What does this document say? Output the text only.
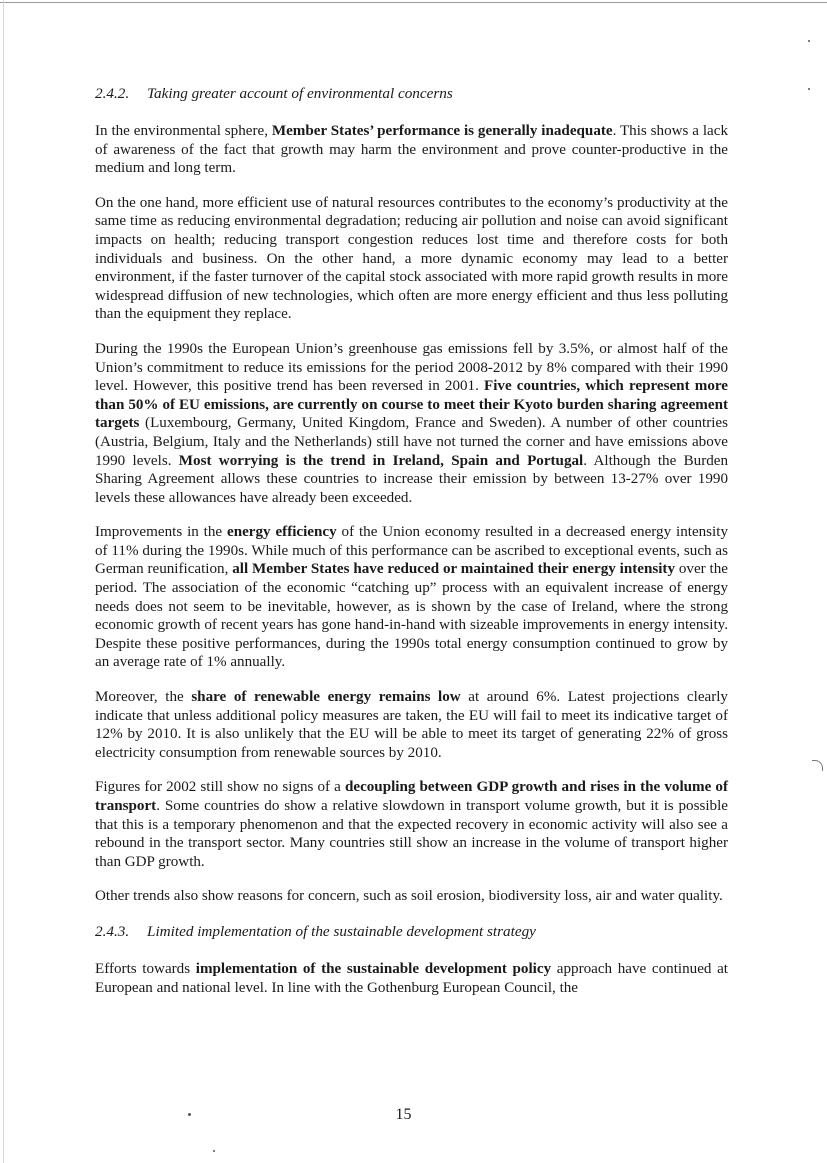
2.4.2. Taking greater account of environmental concerns

In the environmental sphere, Member States’ performance is generally inadequate. This shows a lack of awareness of the fact that growth may harm the environment and prove counter-productive in the medium and long term.

On the one hand, more efficient use of natural resources contributes to the economy’s productivity at the same time as reducing environmental degradation; reducing air pollution and noise can avoid significant impacts on health; reducing transport congestion reduces lost time and therefore costs for both individuals and business. On the other hand, a more dynamic economy may lead to a better environment, if the faster turnover of the capital stock associated with more rapid growth results in more widespread diffusion of new technologies, which often are more energy efficient and thus less polluting than the equipment they replace.

During the 1990s the European Union’s greenhouse gas emissions fell by 3.5%, or almost half of the Union’s commitment to reduce its emissions for the period 2008-2012 by 8% compared with their 1990 level. However, this positive trend has been reversed in 2001. Five countries, which represent more than 50% of EU emissions, are currently on course to meet their Kyoto burden sharing agreement targets (Luxembourg, Germany, United Kingdom, France and Sweden). A number of other countries (Austria, Belgium, Italy and the Netherlands) still have not turned the corner and have emissions above 1990 levels. Most worrying is the trend in Ireland, Spain and Portugal. Although the Burden Sharing Agreement allows these countries to increase their emission by between 13-27% over 1990 levels these allowances have already been exceeded.

Improvements in the energy efficiency of the Union economy resulted in a decreased energy intensity of 11% during the 1990s. While much of this performance can be ascribed to exceptional events, such as German reunification, all Member States have reduced or maintained their energy intensity over the period. The association of the economic “catching up” process with an equivalent increase of energy needs does not seem to be inevitable, however, as is shown by the case of Ireland, where the strong economic growth of recent years has gone hand-in-hand with sizeable improvements in energy intensity. Despite these positive performances, during the 1990s total energy consumption continued to grow by an average rate of 1% annually.

Moreover, the share of renewable energy remains low at around 6%. Latest projections clearly indicate that unless additional policy measures are taken, the EU will fail to meet its indicative target of 12% by 2010. It is also unlikely that the EU will be able to meet its target of generating 22% of gross electricity consumption from renewable sources by 2010.

Figures for 2002 still show no signs of a decoupling between GDP growth and rises in the volume of transport. Some countries do show a relative slowdown in transport volume growth, but it is possible that this is a temporary phenomenon and that the expected recovery in economic activity will also see a rebound in the transport sector. Many countries still show an increase in the volume of transport higher than GDP growth.

Other trends also show reasons for concern, such as soil erosion, biodiversity loss, air and water quality.

2.4.3. Limited implementation of the sustainable development strategy

Efforts towards implementation of the sustainable development policy approach have continued at European and national level. In line with the Gothenburg European Council, the

15
